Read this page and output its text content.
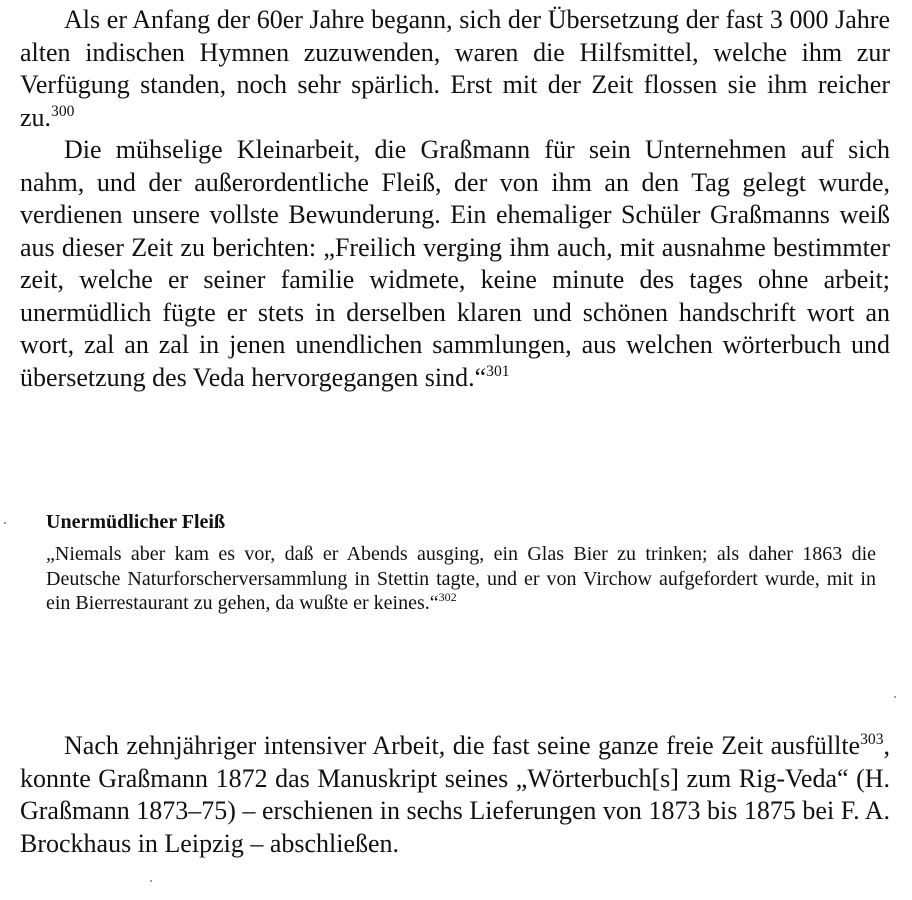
Als er Anfang der 60er Jahre begann, sich der Übersetzung der fast 3 000 Jahre alten indischen Hymnen zuzuwenden, waren die Hilfsmittel, welche ihm zur Verfügung standen, noch sehr spärlich. Erst mit der Zeit flossen sie ihm reicher zu.$^{300}$

Die mühselige Kleinarbeit, die Graßmann für sein Unternehmen auf sich nahm, und der außerordentliche Fleiß, der von ihm an den Tag gelegt wurde, verdienen unsere vollste Bewunderung. Ein ehemaliger Schüler Graßmanns weiß aus dieser Zeit zu berichten: „Freilich verging ihm auch, mit ausnahme bestimmter zeit, welche er seiner familie widmete, keine minute des tages ohne arbeit; unermüdlich fügte er stets in derselben klaren und schönen handschrift wort an wort, zal an zal in jenen unendlichen sammlungen, aus welchen wörterbuch und übersetzung des Veda hervorgegangen sind.“$^{301}$

Unermüdlicher Fleiß

„Niemals aber kam es vor, daß er Abends ausging, ein Glas Bier zu trinken; als daher 1863 die Deutsche Naturforscherversammlung in Stettin tagte, und er von Virchow aufgefordert wurde, mit in ein Bierrestaurant zu gehen, da wußte er keines.“$^{302}$

Nach zehnjähriger intensiver Arbeit, die fast seine ganze freie Zeit ausfüllte$^{303}$, konnte Graßmann 1872 das Manuskript seines „Wörterbuch[s] zum Rig-Veda“ (H. Graßmann 1873–75) – erschienen in sechs Lieferungen von 1873 bis 1875 bei F. A. Brockhaus in Leipzig – abschließen.
